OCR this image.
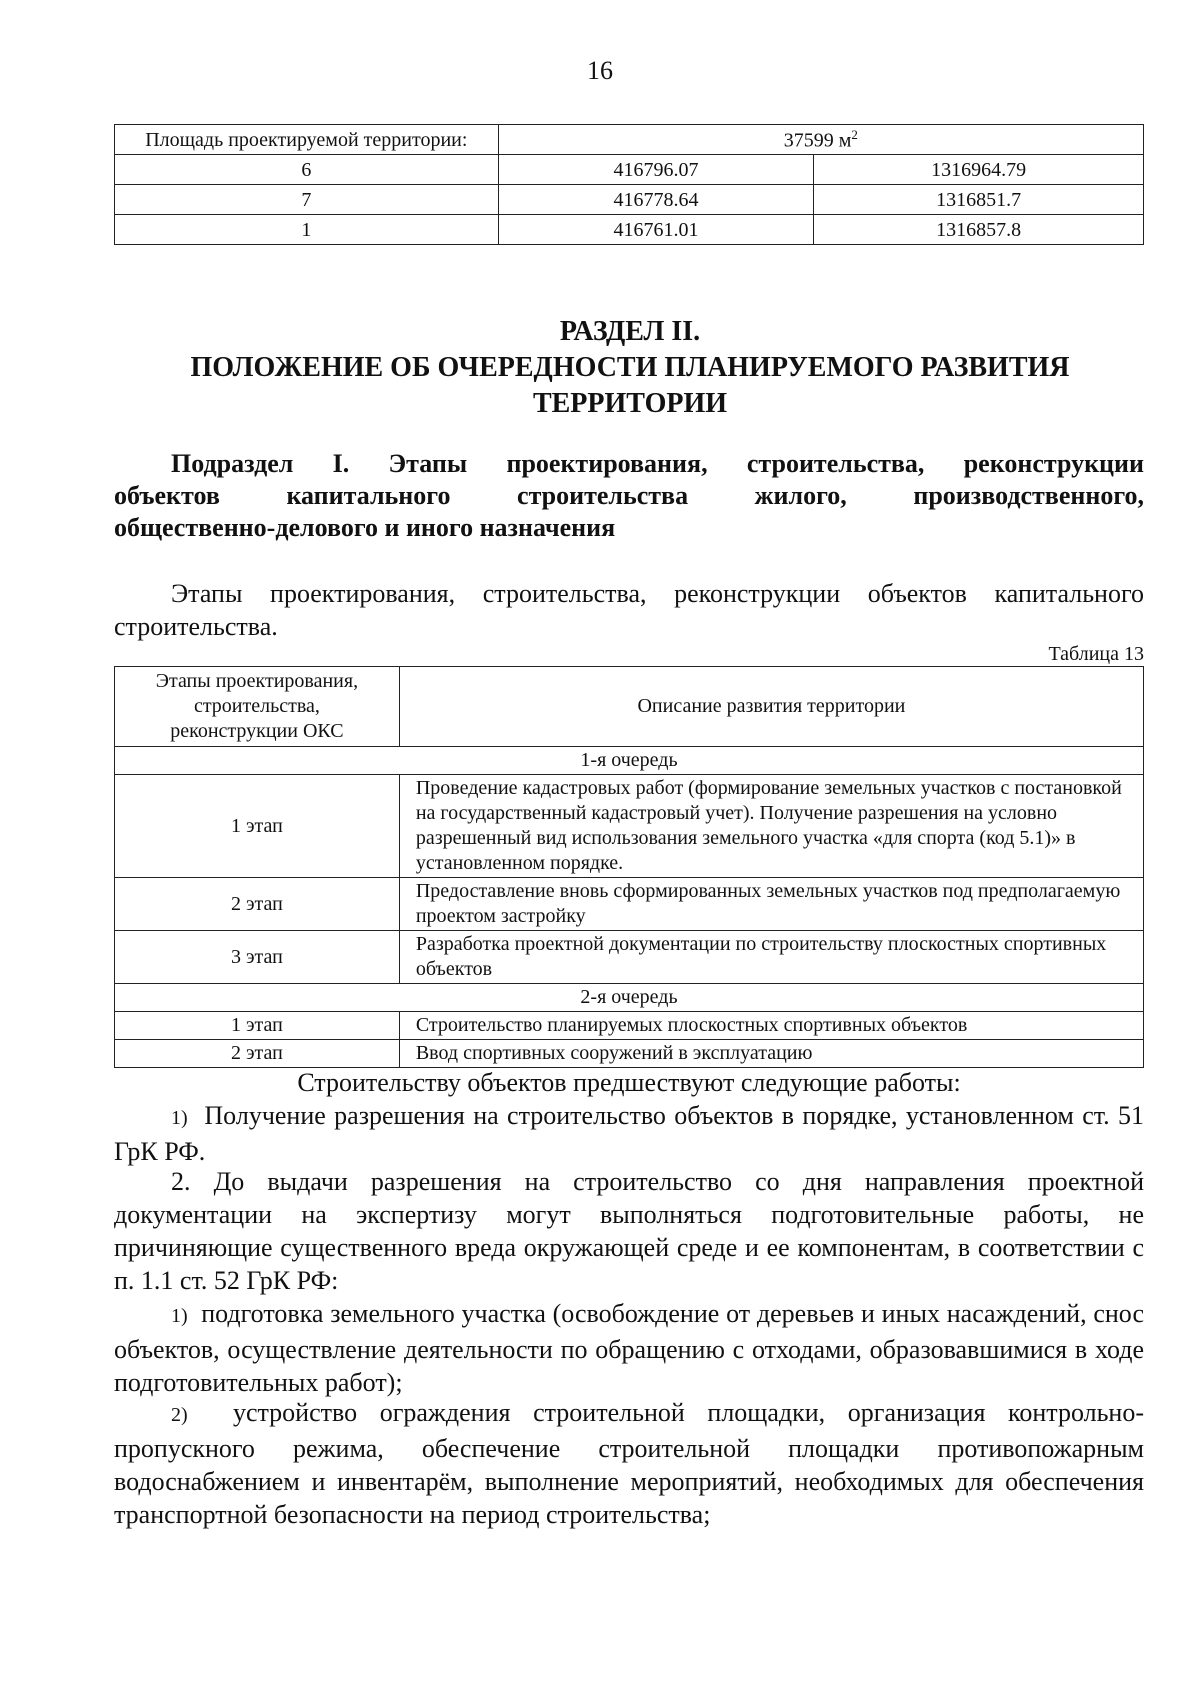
16
Площадь проектируемой территории:	37599 $м^2$
6	416796.07	1316964.79
7	416778.64	1316851.7
1	416761.01	1316857.8
РАЗДЕЛ II.
ПОЛОЖЕНИЕ ОБ ОЧЕРЕДНОСТИ ПЛАНИРУЕМОГО РАЗВИТИЯ
ТЕРРИТОРИИ
Подраздел I. Этапы проектирования, строительства, реконструкции
объектов капитального строительства жилого, производственного,
общественно-делового и иного назначения
Этапы проектирования, строительства, реконструкции объектов капитального строительства.
Таблица 13
Этапы проектирования, строительства, реконструкции ОКС	Описание развития территории
1-я очередь	
1 этап	Проведение кадастровых работ (формирование земельных участков с постановкой на государственный кадастровый учет). Получение разрешения на условно разрешенный вид использования земельного участка «для спорта (код 5.1)» в установленном порядке.
2 этап	Предоставление вновь сформированных земельных участков под предполагаемую проектом застройку
3 этап	Разработка проектной документации по строительству плоскостных спортивных объектов
2-я очередь	
1 этап	Строительство планируемых плоскостных спортивных объектов
2 этап	Ввод спортивных сооружений в эксплуатацию
Строительству объектов предшествуют следующие работы:
1) Получение разрешения на строительство объектов в порядке, установленном ст. 51 ГрК РФ.
2. До выдачи разрешения на строительство со дня направления проектной документации на экспертизу могут выполняться подготовительные работы, не причиняющие существенного вреда окружающей среде и ее компонентам, в соответствии с п. 1.1 ст. 52 ГрК РФ:
1) подготовка земельного участка (освобождение от деревьев и иных насаждений, снос объектов, осуществление деятельности по обращению с отходами, образовавшимися в ходе подготовительных работ);
2) устройство ограждения строительной площадки, организация контрольно-пропускного режима, обеспечение строительной площадки противопожарным водоснабжением и инвентарём, выполнение мероприятий, необходимых для обеспечения транспортной безопасности на период строительства;
